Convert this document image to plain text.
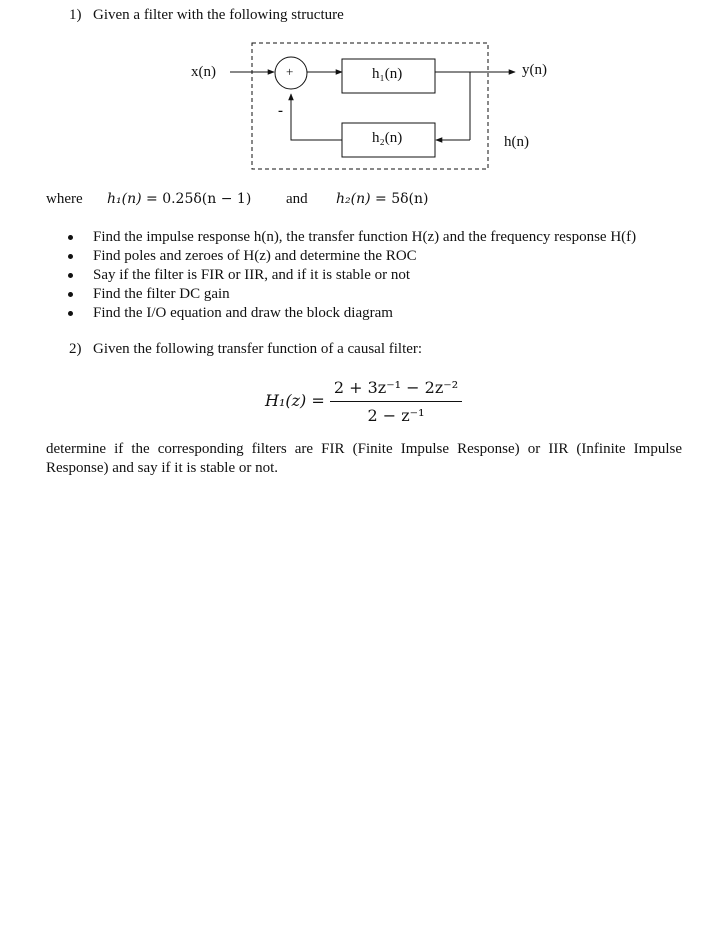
1) Given a filter with the following structure
x(n)	y(n)
h(n)
h₁(n)
h₂(n)
+
-
where h₁(n) = 0.25δ(n − 1) and h₂(n) = 5δ(n)
Find the impulse response h(n), the transfer function H(z) and the frequency response H(f)
Find poles and zeroes of H(z) and determine the ROC
Say if the filter is FIR or IIR, and if it is stable or not
Find the filter DC gain
Find the I/O equation and draw the block diagram
2) Given the following transfer function of a causal filter:
H₁(z) =
2 + 3z⁻¹ − 2z⁻²
2 − z⁻¹
determine if the corresponding filters are FIR (Finite Impulse Response) or IIR (Infinite Impulse Response) and say if it is stable or not.
